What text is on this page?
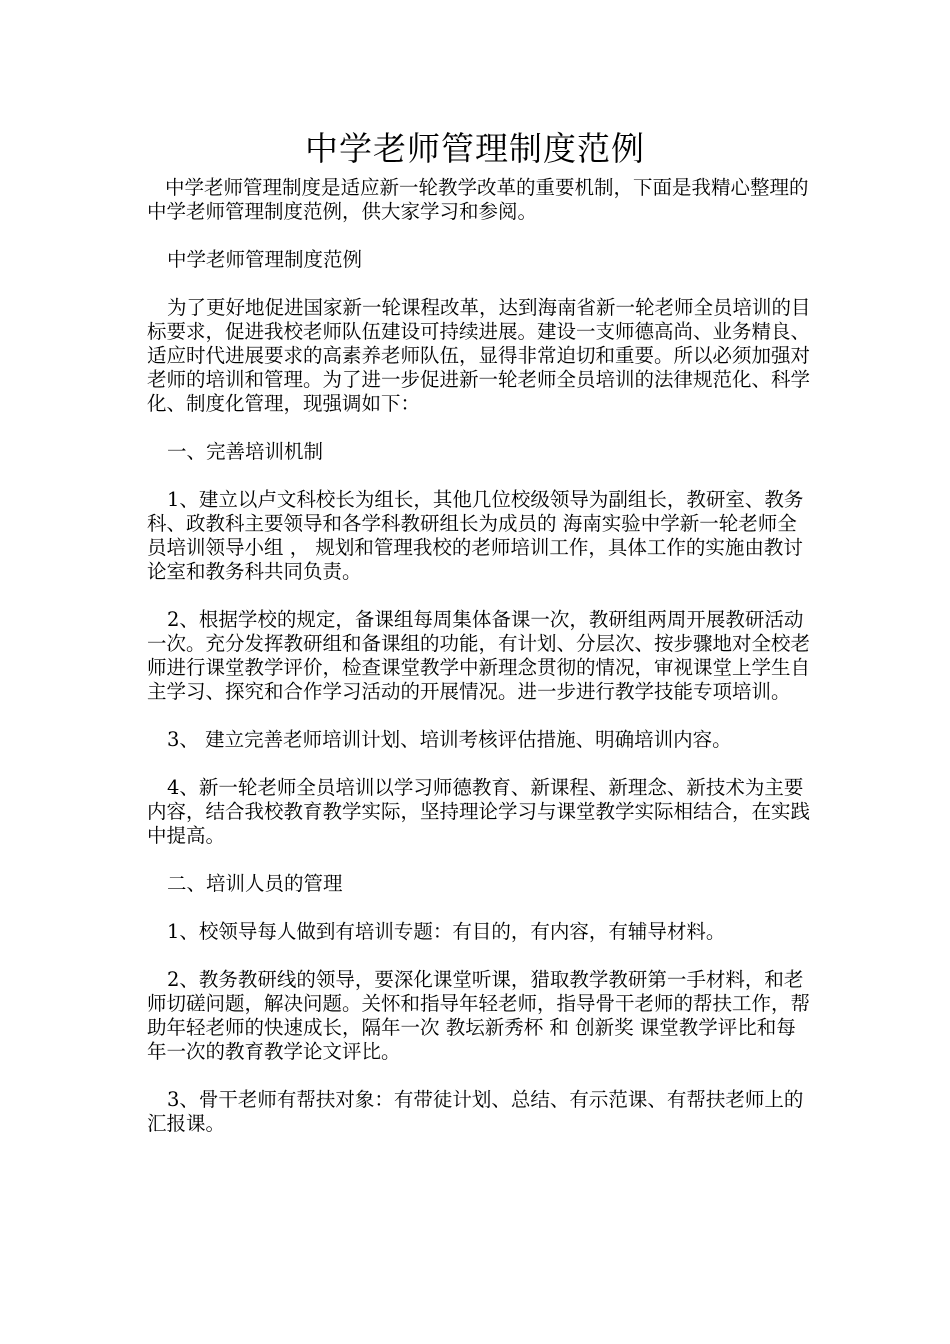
中学老师管理制度范例

中学老师管理制度是适应新一轮教学改革的重要机制，下面是我精心整理的中学老师管理制度范例，供大家学习和参阅。

中学老师管理制度范例

为了更好地促进国家新一轮课程改革，达到海南省新一轮老师全员培训的目标要求，促进我校老师队伍建设可持续进展。建设一支师德高尚、业务精良、适应时代进展要求的高素养老师队伍，显得非常迫切和重要。所以必须加强对老师的培训和管理。为了进一步促进新一轮老师全员培训的法律规范化、科学化、制度化管理，现强调如下：

一、完善培训机制

1、建立以卢文科校长为组长，其他几位校级领导为副组长，教研室、教务科、政教科主要领导和各学科教研组长为成员的 海南实验中学新一轮老师全员培训领导小组 ， 规划和管理我校的老师培训工作，具体工作的实施由教讨论室和教务科共同负责。

2、根据学校的规定，备课组每周集体备课一次，教研组两周开展教研活动一次。充分发挥教研组和备课组的功能，有计划、分层次、按步骤地对全校老师进行课堂教学评价，检查课堂教学中新理念贯彻的情况，审视课堂上学生自主学习、探究和合作学习活动的开展情况。进一步进行教学技能专项培训。

3、 建立完善老师培训计划、培训考核评估措施、明确培训内容。

4、新一轮老师全员培训以学习师德教育、新课程、新理念、新技术为主要内容，结合我校教育教学实际，坚持理论学习与课堂教学实际相结合，在实践中提高。

二、培训人员的管理

1、校领导每人做到有培训专题：有目的，有内容，有辅导材料。

2、教务教研线的领导，要深化课堂听课，猎取教学教研第一手材料，和老师切磋问题，解决问题。关怀和指导年轻老师，指导骨干老师的帮扶工作，帮助年轻老师的快速成长，隔年一次 教坛新秀杯 和 创新奖 课堂教学评比和每年一次的教育教学论文评比。

3、骨干老师有帮扶对象：有带徒计划、总结、有示范课、有帮扶老师上的汇报课。
